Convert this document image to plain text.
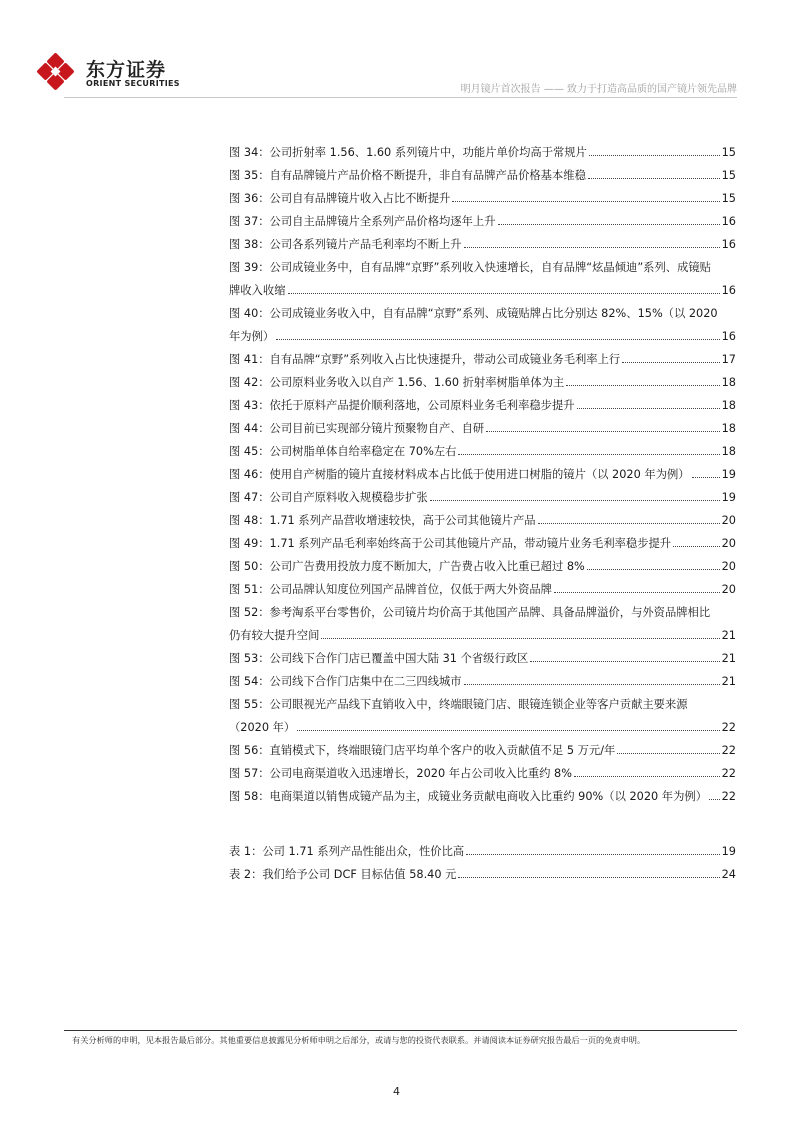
东方证券
ORIENT SECURITIES
明月镜片首次报告 —— 致力于打造高品质的国产镜片领先品牌
图 34：公司折射率 1.56、1.60 系列镜片中，功能片单价均高于常规片	15
图 35：自有品牌镜片产品价格不断提升，非自有品牌产品价格基本维稳	15
图 36：公司自有品牌镜片收入占比不断提升	15
图 37：公司自主品牌镜片全系列产品价格均逐年上升	16
图 38：公司各系列镜片产品毛利率均不断上升	16
图 39：公司成镜业务中，自有品牌“京野”系列收入快速增长，自有品牌“炫晶倾迪”系列、成镜贴
牌收入收缩	16
图 40：公司成镜业务收入中，自有品牌“京野”系列、成镜贴牌占比分别达 82%、15%（以 2020
年为例）	16
图 41：自有品牌“京野”系列收入占比快速提升，带动公司成镜业务毛利率上行	17
图 42：公司原料业务收入以自产 1.56、1.60 折射率树脂单体为主	18
图 43：依托于原料产品提价顺利落地，公司原料业务毛利率稳步提升	18
图 44：公司目前已实现部分镜片预聚物自产、自研	18
图 45：公司树脂单体自给率稳定在 70%左右	18
图 46：使用自产树脂的镜片直接材料成本占比低于使用进口树脂的镜片（以 2020 年为例）	19
图 47：公司自产原料收入规模稳步扩张	19
图 48：1.71 系列产品营收增速较快，高于公司其他镜片产品	20
图 49：1.71 系列产品毛利率始终高于公司其他镜片产品，带动镜片业务毛利率稳步提升	20
图 50：公司广告费用投放力度不断加大，广告费占收入比重已超过 8%	20
图 51：公司品牌认知度位列国产品牌首位，仅低于两大外资品牌	20
图 52：参考淘系平台零售价，公司镜片均价高于其他国产品牌、具备品牌溢价，与外资品牌相比
仍有较大提升空间	21
图 53：公司线下合作门店已覆盖中国大陆 31 个省级行政区	21
图 54：公司线下合作门店集中在二三四线城市	21
图 55：公司眼视光产品线下直销收入中，终端眼镜门店、眼镜连锁企业等客户贡献主要来源
（2020 年）	22
图 56：直销模式下，终端眼镜门店平均单个客户的收入贡献值不足 5 万元/年	22
图 57：公司电商渠道收入迅速增长，2020 年占公司收入比重约 8%	22
图 58：电商渠道以销售成镜产品为主，成镜业务贡献电商收入比重约 90%（以 2020 年为例） 22
表 1：公司 1.71 系列产品性能出众，性价比高	19
表 2：我们给予公司 DCF 目标估值 58.40 元	24
有关分析师的申明，见本报告最后部分。其他重要信息披露见分析师申明之后部分，或请与您的投资代表联系。并请阅读本证券研究报告最后一页的免责申明。
4
